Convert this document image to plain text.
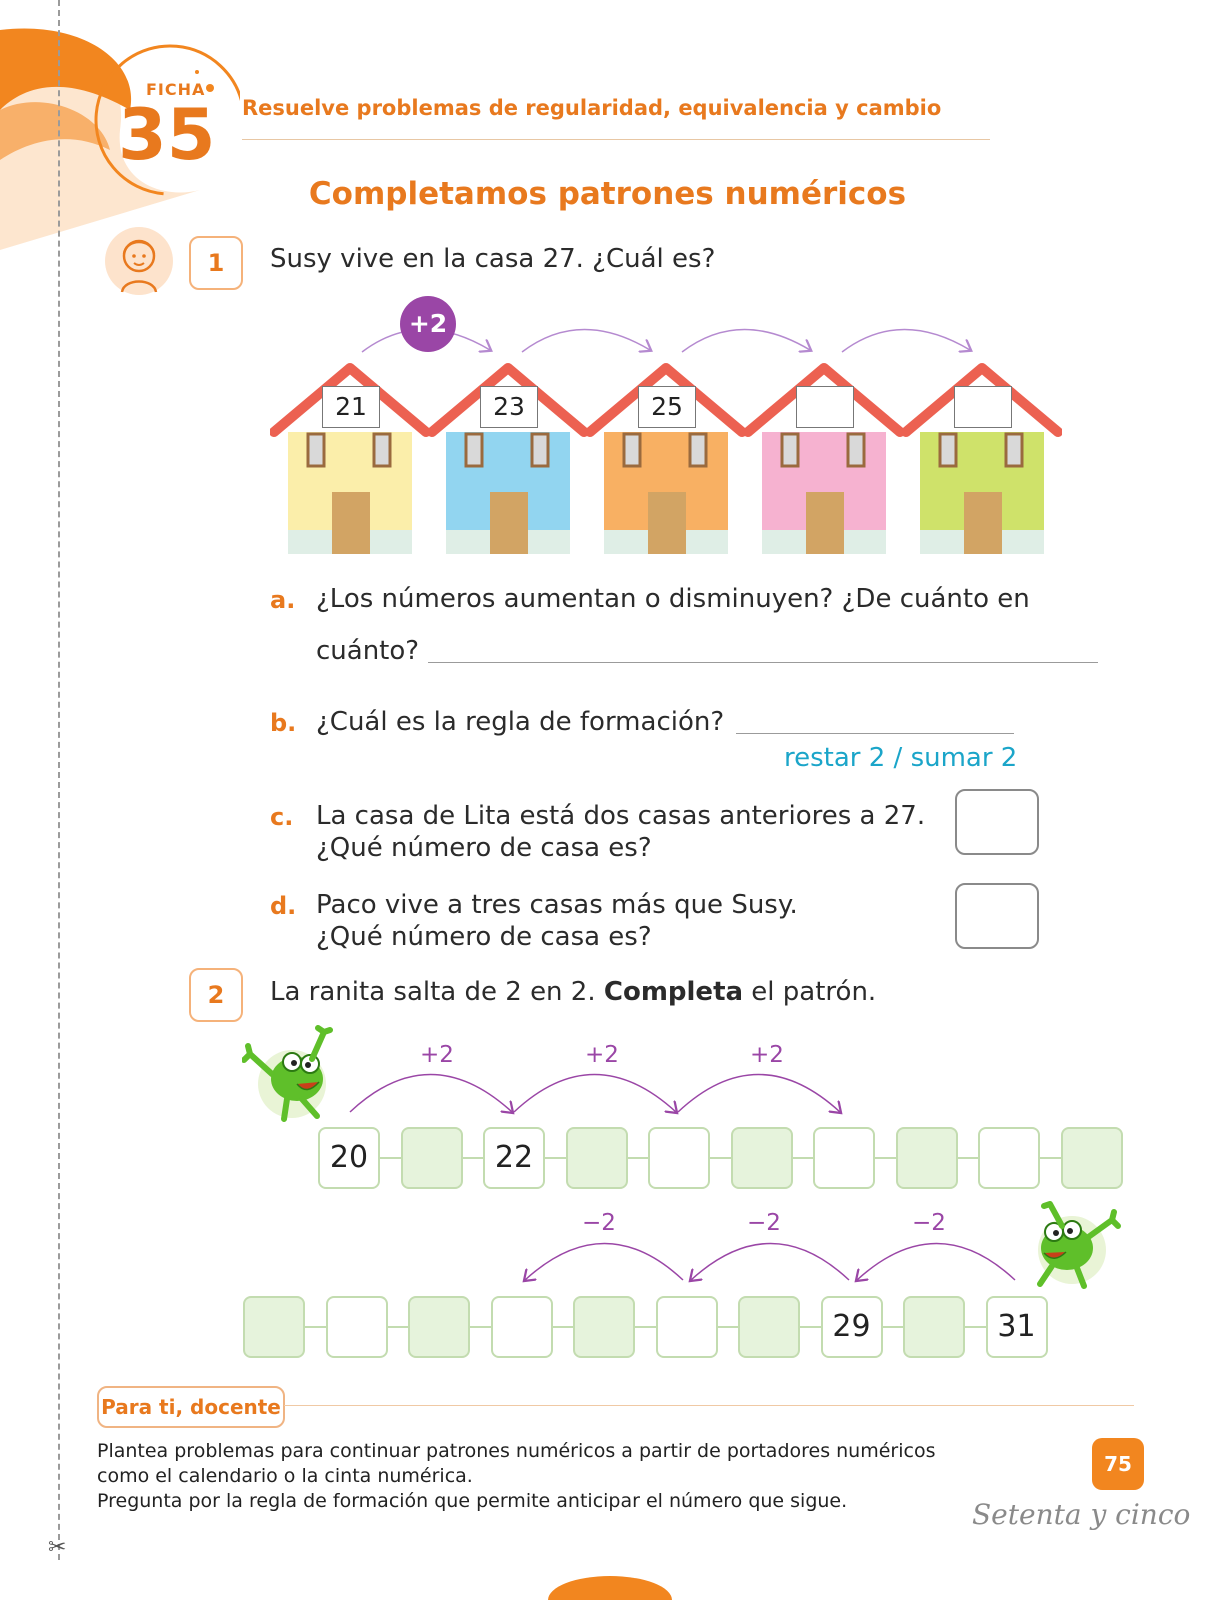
✂
FICHA
35 Resuelve problemas de regularidad, equivalencia y cambio
Completamos patrones numéricos
1	Susy vive en la casa 27. ¿Cuál es?
+2
21	23	25
a. ¿Los números aumentan o disminuyen? ¿De cuánto en
cuánto?
b. ¿Cuál es la regla de formación?
restar 2 / sumar 2
c. La casa de Lita está dos casas anteriores a 27.
¿Qué número de casa es?
d. Paco vive a tres casas más que Susy.
¿Qué número de casa es?
2	La ranita salta de 2 en 2. Completa el patrón.
+2	+2	+2
20	22
−2	−2	−2
29	31
Para ti, docente
Plantea problemas para continuar patrones numéricos a partir de portadores numéricos
como el calendario o la cinta numérica.
Pregunta por la regla de formación que permite anticipar el número que sigue.
75
Setenta y cinco
